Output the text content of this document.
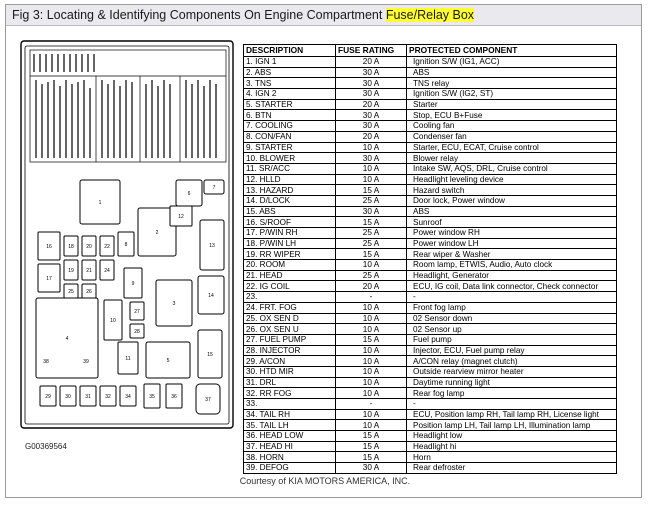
Fig 3: Locating & Identifying Components On Engine Compartment Fuse/Relay Box
1
2
3
4
5
6
7
8
9
10
11
12
13
14
15
16
17
18
19
20
21
22
24
25 26
27
28
29	30	31	32	34	35	36	37
38	39
G00369564
DESCRIPTION	FUSE RATING	PROTECTED COMPONENT
1. IGN 1	20 A	Ignition S/W (IG1, ACC)
2. ABS	30 A	ABS
3. TNS	30 A	TNS relay
4. IGN 2	30 A	Ignition S/W (IG2, ST)
5. STARTER	20 A	Starter
6. BTN	30 A	Stop, ECU B+Fuse
7. COOLING	30 A	Cooling fan
8. CON/FAN	20 A	Condenser fan
9. STARTER	10 A	Starter, ECU, ECAT, Cruise control
10. BLOWER	30 A	Blower relay
11. SR/ACC	10 A	Intake SW, AQS, DRL, Cruise control
12. HLLD	10 A	Headlight leveling device
13. HAZARD	15 A	Hazard switch
14. D/LOCK	25 A	Door lock, Power window
15. ABS	30 A	ABS
16. S/ROOF	15 A	Sunroof
17. P/WIN RH	25 A	Power window RH
18. P/WIN LH	25 A	Power window LH
19. RR WIPER	15 A	Rear wiper & Washer
20. ROOM	10 A	Room lamp, ETWIS, Audio, Auto clock
21. HEAD	25 A	Headlight, Generator
22. IG COIL	20 A	ECU, IG coil, Data link connector, Check connector
23.	-	-
24. FRT. FOG	10 A	Front fog lamp
25. OX SEN D	10 A	02 Sensor down
26. OX SEN U	10 A	02 Sensor up
27. FUEL PUMP	15 A	Fuel pump
28. INJECTOR	10 A	Injector, ECU, Fuel pump relay
29. A/CON	10 A	A/CON relay (magnet clutch)
30. HTD MIR	10 A	Outside rearview mirror heater
31. DRL	10 A	Daytime running light
32. RR FOG	10 A	Rear fog lamp
33.	-	-
34. TAIL RH	10 A	ECU, Position lamp RH, Tail lamp RH, License light
35. TAIL LH	10 A	Position lamp LH, Tail lamp LH, Illumination lamp
36. HEAD LOW	15 A	Headlight low
37. HEAD HI	15 A	Headlight hi
38. HORN	15 A	Horn
39. DEFOG	30 A	Rear defroster
Courtesy of KIA MOTORS AMERICA, INC.
